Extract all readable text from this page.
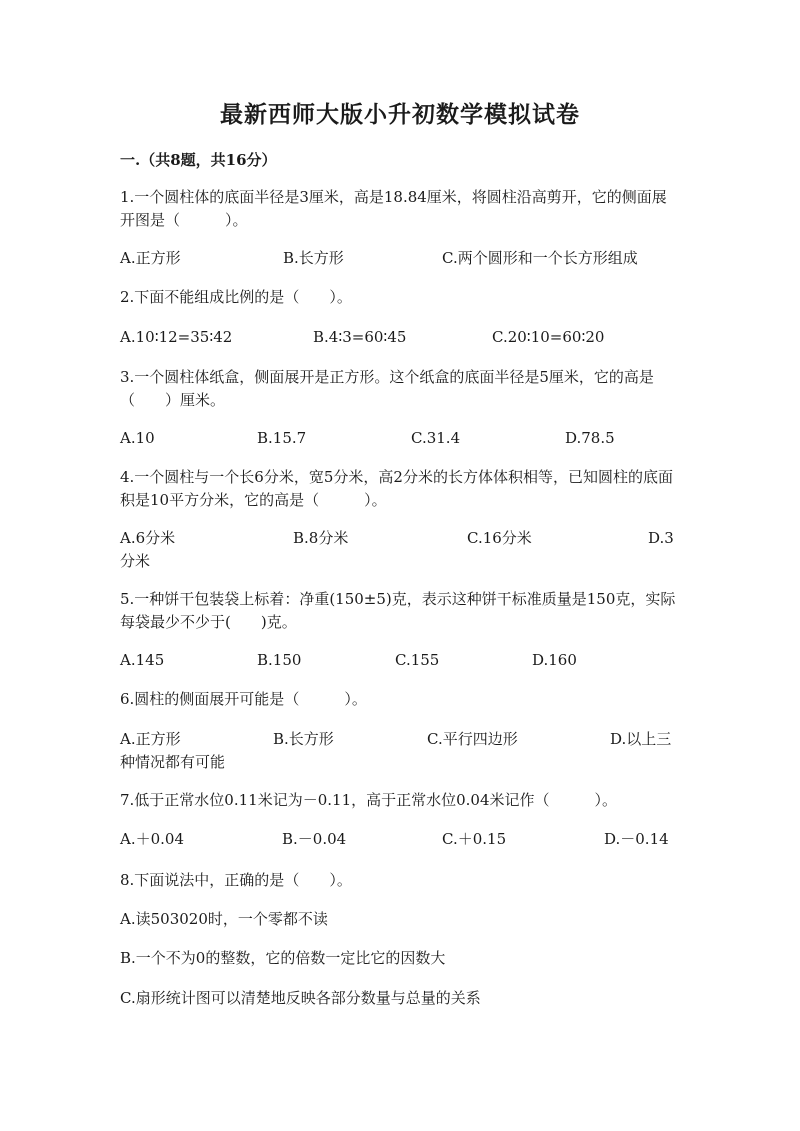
最新西师大版小升初数学模拟试卷
一.（共8题，共16分）
1.一个圆柱体的底面半径是3厘米，高是18.84厘米，将圆柱沿高剪开，它的侧面展开图是（　　　）。
A.正方形	B.长方形	C.两个圆形和一个长方形组成
2.下面不能组成比例的是（　　）。
A.10∶12=35∶42	B.4∶3=60∶45	C.20∶10=60∶20
3.一个圆柱体纸盒，侧面展开是正方形。这个纸盒的底面半径是5厘米，它的高是（　　）厘米。
A.10	B.15.7	C.31.4	D.78.5
4.一个圆柱与一个长6分米，宽5分米，高2分米的长方体体积相等，已知圆柱的底面积是10平方分米，它的高是（　　　）。
A.6分米	B.8分米	C.16分米	D.3
分米
5.一种饼干包装袋上标着：净重(150±5)克，表示这种饼干标准质量是150克，实际每袋最少不少于(　　)克。
A.145	B.150	C.155	D.160
6.圆柱的侧面展开可能是（　　　）。
A.正方形	B.长方形	C.平行四边形	D.以上三
种情况都有可能
7.低于正常水位0.11米记为－0.11，高于正常水位0.04米记作（　　　）。
A.＋0.04	B.－0.04	C.＋0.15	D.－0.14
8.下面说法中，正确的是（　　）。
A.读503020时，一个零都不读
B.一个不为0的整数，它的倍数一定比它的因数大
C.扇形统计图可以清楚地反映各部分数量与总量的关系
